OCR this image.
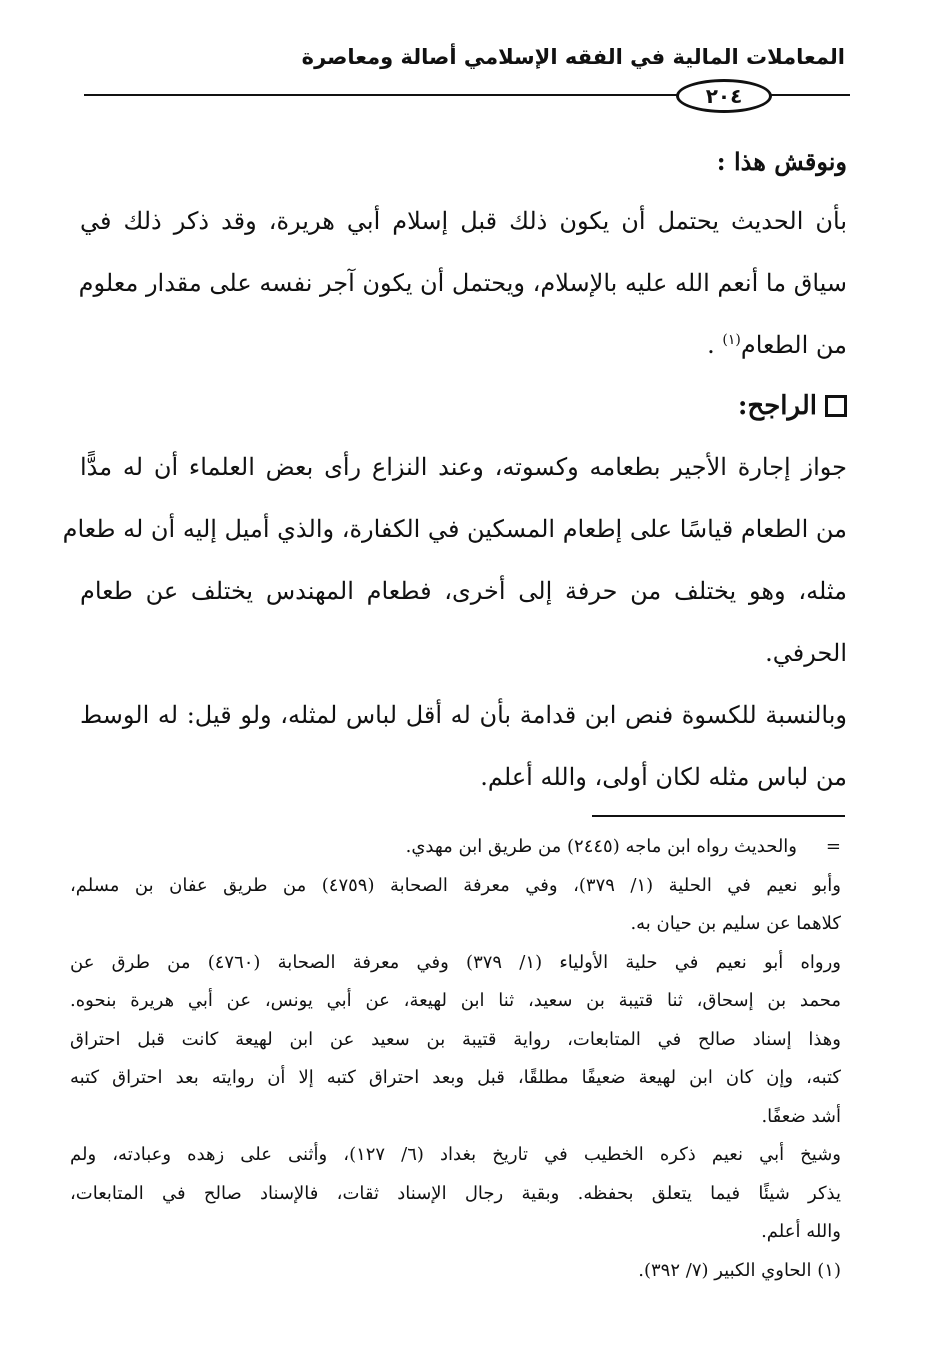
المعاملات المالية في الفقه الإسلامي أصالة ومعاصرة
٢٠٤
ونوقش هذا :
بأن الحديث يحتمل أن يكون ذلك قبل إسلام أبي هريرة، وقد ذكر ذلك في
سياق ما أنعم الله عليه بالإسلام، ويحتمل أن يكون آجر نفسه على مقدار معلوم
من الطعام$^{(١)}$ .
الراجح:
جواز إجارة الأجير بطعامه وكسوته، وعند النزاع رأى بعض العلماء أن له مدًّا
من الطعام قياسًا على إطعام المسكين في الكفارة، والذي أميل إليه أن له طعام
مثله، وهو يختلف من حرفة إلى أخرى، فطعام المهندس يختلف عن طعام
الحرفي.
وبالنسبة للكسوة فنص ابن قدامة بأن له أقل لباس لمثله، ولو قيل: له الوسط
من لباس مثله لكان أولى، والله أعلم.
=
والحديث رواه ابن ماجه (٢٤٤٥) من طريق ابن مهدي.
وأبو نعيم في الحلية (١/ ٣٧٩)، وفي معرفة الصحابة (٤٧٥٩) من طريق عفان بن مسلم،
كلاهما عن سليم بن حيان به.
ورواه أبو نعيم في حلية الأولياء (١/ ٣٧٩) وفي معرفة الصحابة (٤٧٦٠) من طرق عن
محمد بن إسحاق، ثنا قتيبة بن سعيد، ثنا ابن لهيعة، عن أبي يونس، عن أبي هريرة بنحوه.
وهذا إسناد صالح في المتابعات، رواية قتيبة بن سعيد عن ابن لهيعة كانت قبل احتراق
كتبه، وإن كان ابن لهيعة ضعيفًا مطلقًا، قبل وبعد احتراق كتبه إلا أن روايته بعد احتراق كتبه
أشد ضعفًا.
وشيخ أبي نعيم ذكره الخطيب في تاريخ بغداد (٦/ ١٢٧)، وأثنى على زهده وعبادته، ولم
يذكر شيئًا فيما يتعلق بحفظه. وبقية رجال الإسناد ثقات، فالإسناد صالح في المتابعات،
والله أعلم.
(١) الحاوي الكبير (٧/ ٣٩٢).
